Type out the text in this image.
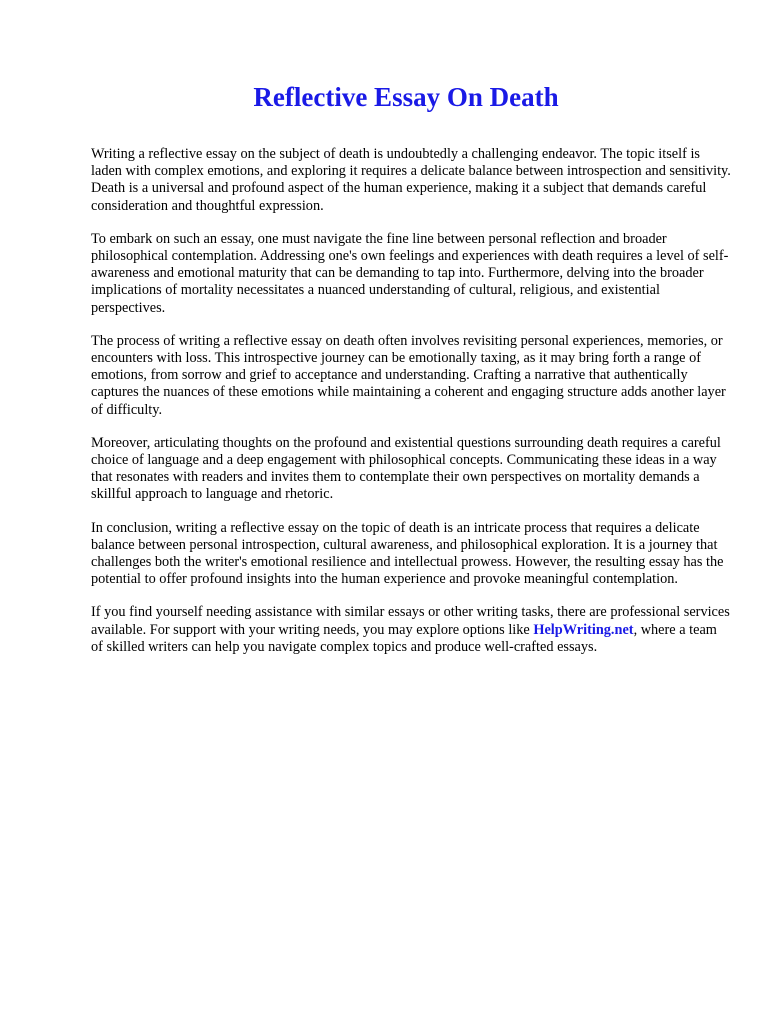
Reflective Essay On Death

Writing a reflective essay on the subject of death is undoubtedly a challenging endeavor. The topic itself is laden with complex emotions, and exploring it requires a delicate balance between introspection and sensitivity. Death is a universal and profound aspect of the human experience, making it a subject that demands careful consideration and thoughtful expression.

To embark on such an essay, one must navigate the fine line between personal reflection and broader philosophical contemplation. Addressing one's own feelings and experiences with death requires a level of self-awareness and emotional maturity that can be demanding to tap into. Furthermore, delving into the broader implications of mortality necessitates a nuanced understanding of cultural, religious, and existential perspectives.

The process of writing a reflective essay on death often involves revisiting personal experiences, memories, or encounters with loss. This introspective journey can be emotionally taxing, as it may bring forth a range of emotions, from sorrow and grief to acceptance and understanding. Crafting a narrative that authentically captures the nuances of these emotions while maintaining a coherent and engaging structure adds another layer of difficulty.

Moreover, articulating thoughts on the profound and existential questions surrounding death requires a careful choice of language and a deep engagement with philosophical concepts. Communicating these ideas in a way that resonates with readers and invites them to contemplate their own perspectives on mortality demands a skillful approach to language and rhetoric.

In conclusion, writing a reflective essay on the topic of death is an intricate process that requires a delicate balance between personal introspection, cultural awareness, and philosophical exploration. It is a journey that challenges both the writer's emotional resilience and intellectual prowess. However, the resulting essay has the potential to offer profound insights into the human experience and provoke meaningful contemplation.

If you find yourself needing assistance with similar essays or other writing tasks, there are professional services available. For support with your writing needs, you may explore options like HelpWriting.net, where a team of skilled writers can help you navigate complex topics and produce well-crafted essays.
